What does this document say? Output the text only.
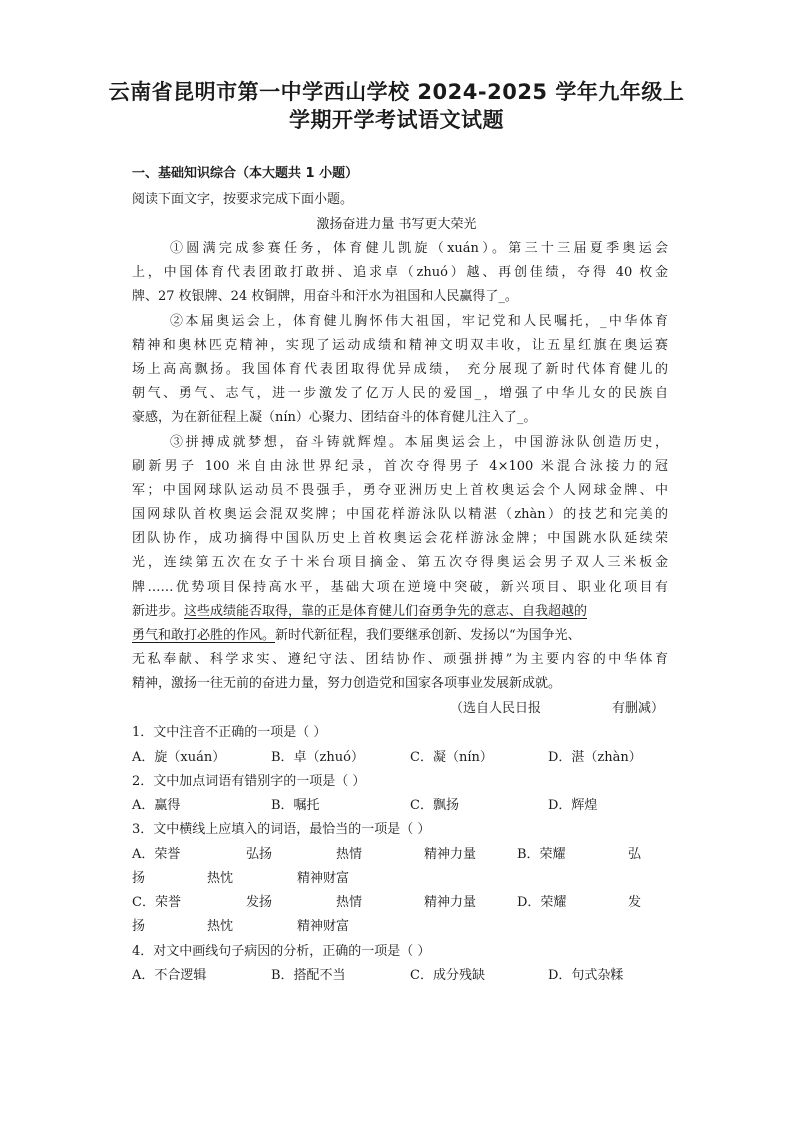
云南省昆明市第一中学西山学校 2024-2025 学年九年级上
学期开学考试语文试题
一、基础知识综合（本大题共 1 小题）
阅读下面文字，按要求完成下面小题。
激扬奋进力量 书写更大荣光
①圆满完成参赛任务，体育健儿凯旋（xuán）。第三十三届夏季奥运会
上，中国体育代表团敢打敢拼、追求卓（zhuó）越、再创佳绩，夺得 40 枚金
牌、27 枚银牌、24 枚铜牌，用奋斗和汗水为祖国和人民赢得了_。
②本届奥运会上，体育健儿胸怀伟大祖国，牢记党和人民嘱托，_中华体育
精神和奥林匹克精神，实现了运动成绩和精神文明双丰收，让五星红旗在奥运赛
场上高高飘扬。我国体育代表团取得优异成绩， 充分展现了新时代体育健儿的
朝气、勇气、志气，进一步激发了亿万人民的爱国_，增强了中华儿女的民族自
豪感，为在新征程上凝（nín）心聚力、团结奋斗的体育健儿注入了_。
③拼搏成就梦想，奋斗铸就辉煌。本届奥运会上，中国游泳队创造历史，
刷新男子 100 米自由泳世界纪录，首次夺得男子 4×100 米混合泳接力的冠
军；中国网球队运动员不畏强手，勇夺亚洲历史上首枚奥运会个人网球金牌、中
国网球队首枚奥运会混双奖牌；中国花样游泳队以精湛（zhàn）的技艺和完美的
团队协作，成功摘得中国队历史上首枚奥运会花样游泳金牌；中国跳水队延续荣
光，连续第五次在女子十米台项目摘金、第五次夺得奥运会男子双人三米板金
牌……优势项目保持高水平，基础大项在逆境中突破，新兴项目、职业化项目有
新进步。这些成绩能否取得，靠的正是体育健儿们奋勇争先的意志、自我超越的
勇气和敢打必胜的作风。新时代新征程，我们要继承创新、发扬以“为国争光、
无私奉献、科学求实、遵纪守法、团结协作、顽强拼搏”为主要内容的中华体育
精神，激扬一往无前的奋进力量，努力创造党和国家各项事业发展新成就。
（选自人民日报	有删减）
1．文中注音不正确的一项是（ ）
A．旋（xuán）	B．卓（zhuó）	C．凝（nín）	D．湛（zhàn）
2．文中加点词语有错别字的一项是（ ）
A．赢得	B．嘱托	C．飘扬	D．辉煌
3．文中横线上应填入的词语，最恰当的一项是（ ）
A．荣誉	弘扬	热情	精神力量	B．荣耀	弘
扬	热忱	精神财富
C．荣誉	发扬	热情	精神力量	D．荣耀	发
扬	热忱	精神财富
4．对文中画线句子病因的分析，正确的一项是（ ）
A．不合逻辑	B．搭配不当	C．成分残缺	D．句式杂糅
